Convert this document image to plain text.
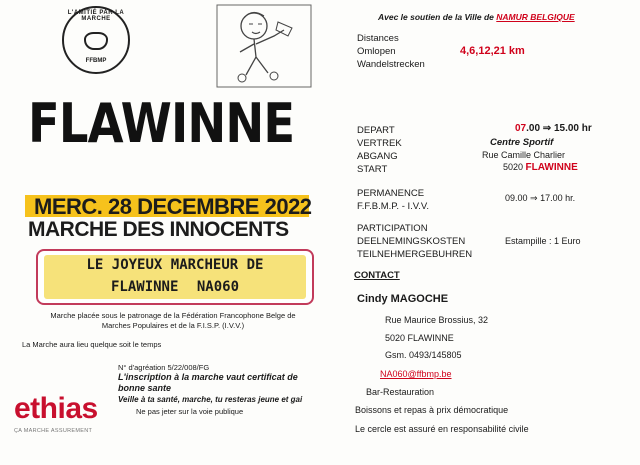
L'AMITIÉ PAR LA MARCHE
FFBMP
Avec le soutien de la Ville de NAMUR BELGIQUE
Distances
Omlopen
Wandelstrecken
4,6,12,21 km
FLAWINNE
MERC. 28 DECEMBRE 2022
MARCHE DES INNOCENTS
LE JOYEUX MARCHEUR DE
FLAWINNE NA060
Marche placée sous le patronage de la Fédération Francophone Belge de
Marches Populaires et de la F.I.S.P. (I.V.V.)
La Marche aura lieu quelque soit le temps
N° d'agréation 5/22/008/FG
L'inscription à la marche vaut certificat de
bonne sante
Veille à ta santé, marche, tu resteras jeune et gai
Ne pas jeter sur la voie publique
ethias
ÇA MARCHE ASSUREMENT
DEPART
VERTREK
ABGANG
START
07.00 ⇒ 15.00 hr
Centre Sportif
Rue Camille Charlier
5020 FLAWINNE
PERMANENCE
F.F.B.M.P. - I.V.V.
09.00 ⇒ 17.00 hr.
PARTICIPATION
DEELNEMINGSKOSTEN
TEILNEHMERGEBUHREN
Estampille : 1 Euro
CONTACT
Cindy MAGOCHE
Rue Maurice Brossius, 32
5020 FLAWINNE
Gsm. 0493/145805
NA060@ffbmp.be
Bar-Restauration
Boissons et repas à prix démocratique
Le cercle est assuré en responsabilité civile
